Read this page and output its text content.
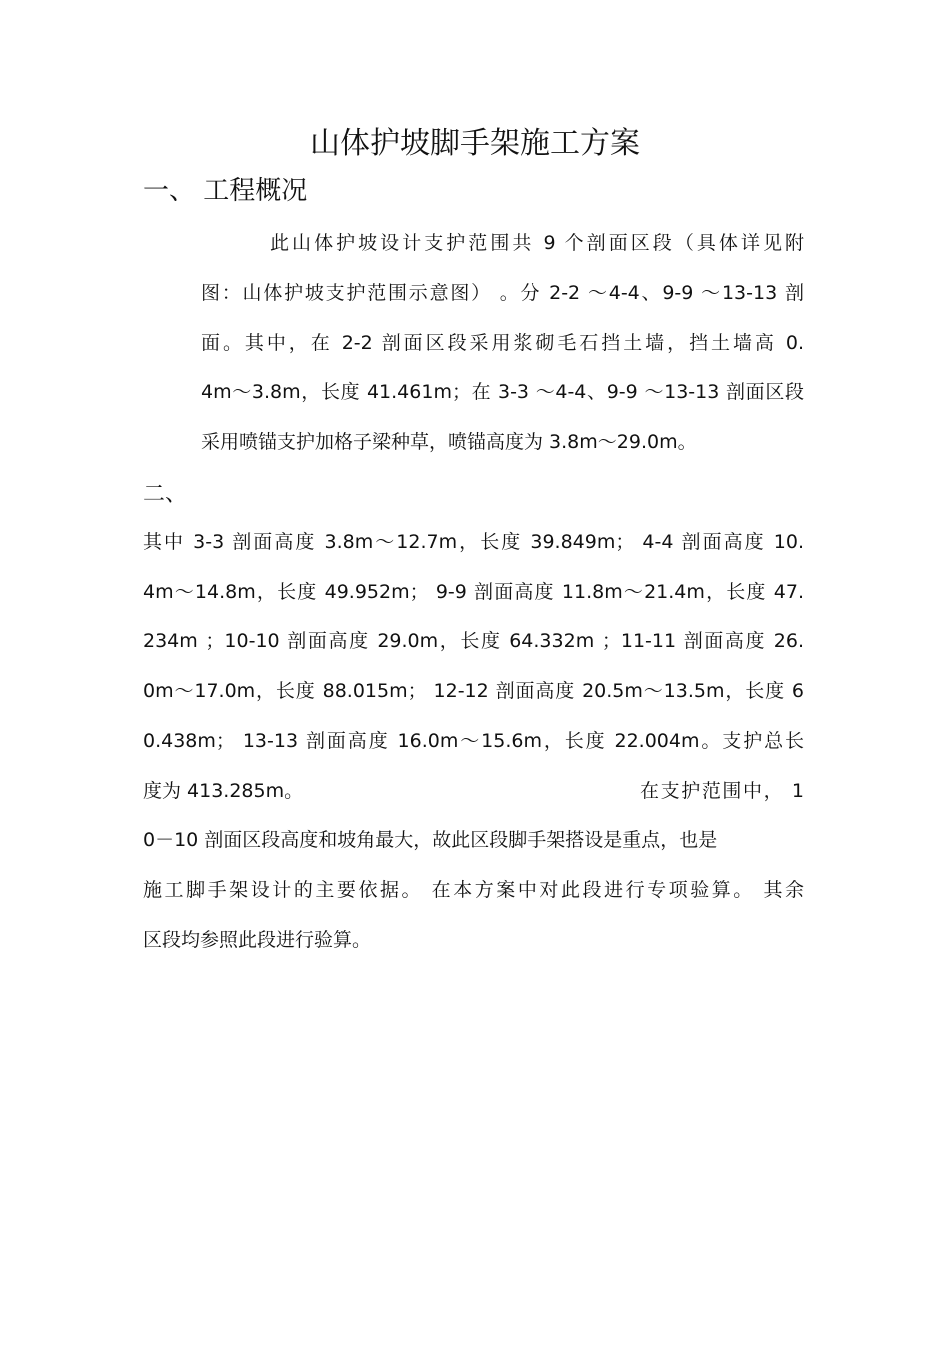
山体护坡脚手架施工方案
一、 工程概况
此山体护坡设计支护范围共 9 个剖面区段（具体详见附
图：山体护坡支护范围示意图） 。分 2-2 ～4-4、9-9 ～13-13 剖
面。其中，在 2-2 剖面区段采用浆砌毛石挡土墙，挡土墙高 0.
4m～3.8m，长度 41.461m；在 3-3 ～4-4、9-9 ～13-13 剖面区段
采用喷锚支护加格子梁种草，喷锚高度为 3.8m～29.0m。
二、
其中 3-3 剖面高度 3.8m～12.7m，长度 39.849m； 4-4 剖面高度 10.
4m～14.8m，长度 49.952m； 9-9 剖面高度 11.8m～21.4m，长度 47.
234m ；10-10 剖面高度 29.0m，长度 64.332m ；11-11 剖面高度 26.
0m～17.0m，长度 88.015m； 12-12 剖面高度 20.5m～13.5m，长度 6
0.438m； 13-13 剖面高度 16.0m～15.6m，长度 22.004m。支护总长
度为 413.285m。	在支护范围中， 1
0－10 剖面区段高度和坡角最大，故此区段脚手架搭设是重点，也是
施工脚手架设计的主要依据。 在本方案中对此段进行专项验算。 其余
区段均参照此段进行验算。
